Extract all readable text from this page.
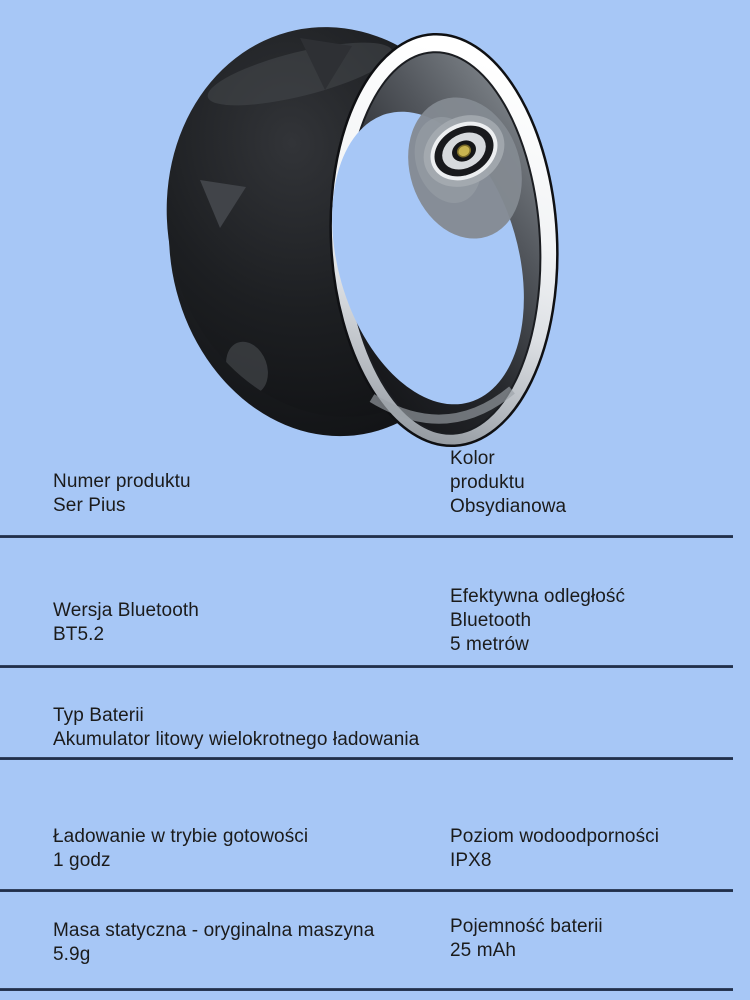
Numer produktu
Ser Pius
Kolor
produktu
Obsydianowa
Wersja Bluetooth
BT5.2
Efektywna odległość
Bluetooth
5 metrów
Typ Baterii
Akumulator litowy wielokrotnego ładowania
Ładowanie w trybie gotowości
1 godz
Poziom wodoodporności
IPX8
Masa statyczna - oryginalna maszyna
5.9g
Pojemność baterii
25 mAh
